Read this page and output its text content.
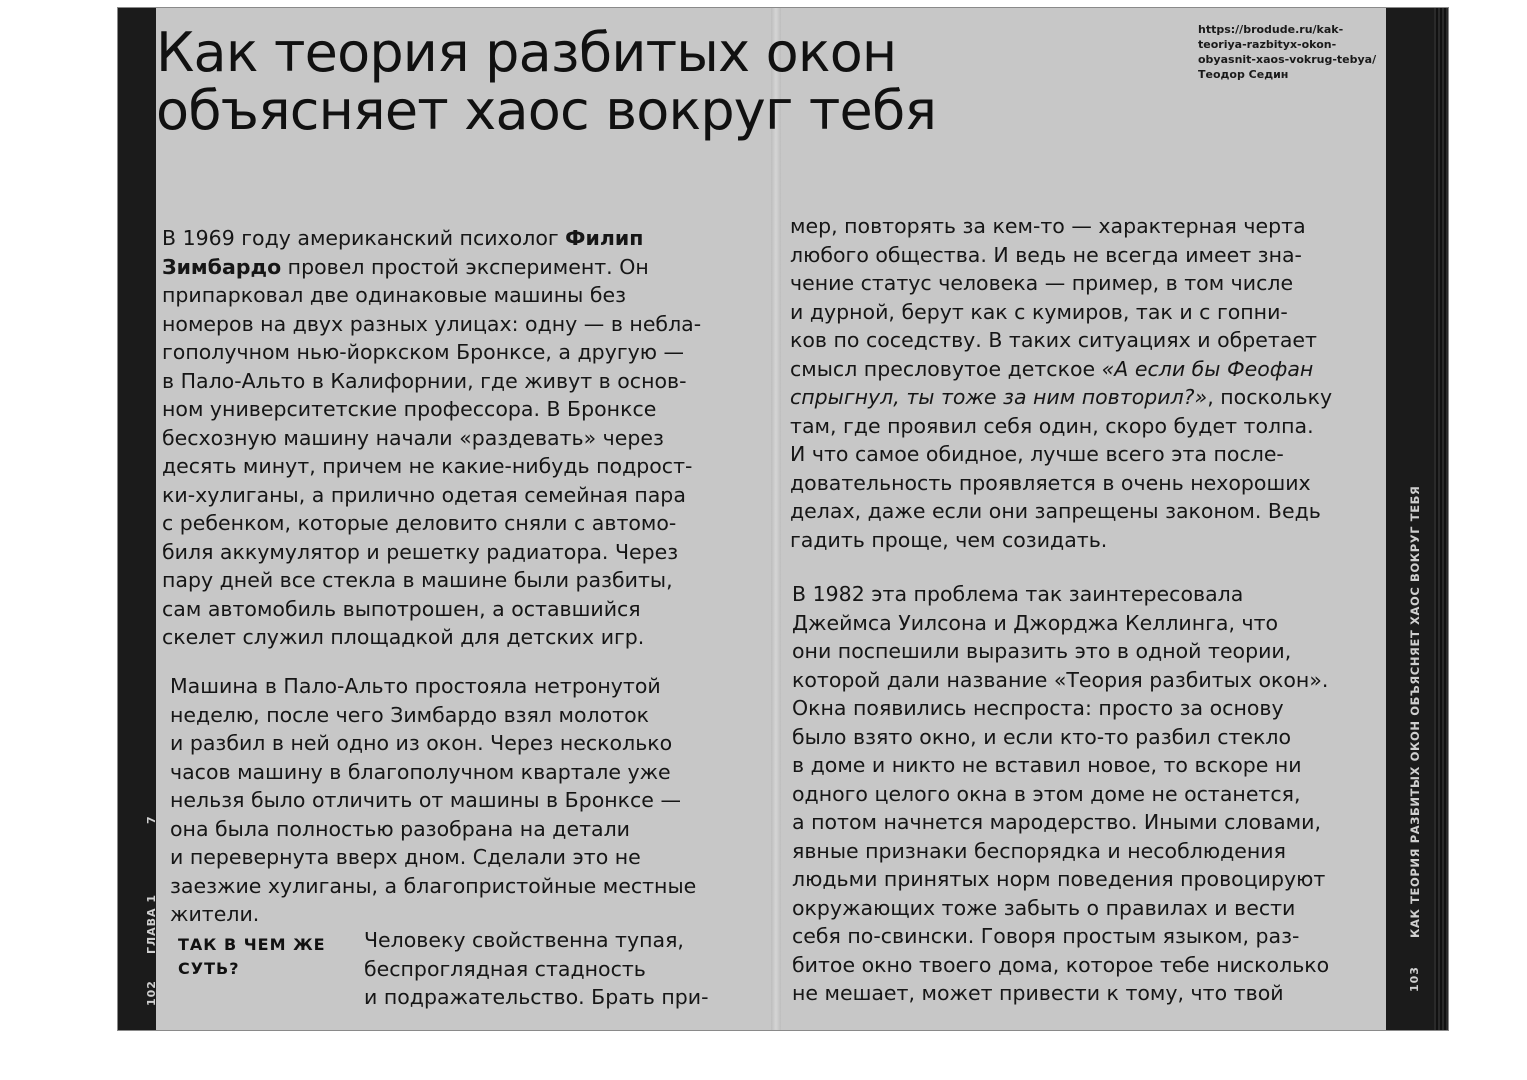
Как теория разбитых окон
объясняет хаос вокруг тебя
https://brodude.ru/kak-
teoriya-razbityx-okon-
obyasnit-xaos-vokrug-tebya/
Теодор Седин
В 1969 году американский психолог Филип
Зимбардо провел простой эксперимент. Он
припарковал две одинаковые машины без
номеров на двух разных улицах: одну — в небла-
гополучном нью-йоркском Бронксе, а другую —
в Пало-Альто в Калифорнии, где живут в основ-
ном университетские профессора. В Бронксе
бесхозную машину начали «раздевать» через
десять минут, причем не какие-нибудь подрост-
ки-хулиганы, а прилично одетая семейная пара
с ребенком, которые деловито сняли с автомо-
биля аккумулятор и решетку радиатора. Через
пару дней все стекла в машине были разбиты,
сам автомобиль выпотрошен, а оставшийся
скелет служил площадкой для детских игр.
Машина в Пало-Альто простояла нетронутой
неделю, после чего Зимбардо взял молоток
и разбил в ней одно из окон. Через несколько
часов машину в благополучном квартале уже
нельзя было отличить от машины в Бронксе —
она была полностью разобрана на детали
и перевернута вверх дном. Сделали это не
заезжие хулиганы, а благопристойные местные
жители.
ТАК В ЧЕМ ЖЕ
СУТЬ?
Человеку свойственна тупая,
беспроглядная стадность
и подражательство. Брать при-
мер, повторять за кем-то — характерная черта
любого общества. И ведь не всегда имеет зна-
чение статус человека — пример, в том числе
и дурной, берут как с кумиров, так и с гопни-
ков по соседству. В таких ситуациях и обретает
смысл пресловутое детское «А если бы Феофан
спрыгнул, ты тоже за ним повторил?», поскольку
там, где проявил себя один, скоро будет толпа.
И что самое обидное, лучше всего эта после-
довательность проявляется в очень нехороших
делах, даже если они запрещены законом. Ведь
гадить проще, чем созидать.
В 1982 эта проблема так заинтересовала
Джеймса Уилсона и Джорджа Келлинга, что
они поспешили выразить это в одной теории,
которой дали название «Теория разбитых окон».
Окна появились неспроста: просто за основу
было взято окно, и если кто-то разбил стекло
в доме и никто не вставил новое, то вскоре ни
одного целого окна в этом доме не останется,
а потом начнется мародерство. Иными словами,
явные признаки беспорядка и несоблюдения
людьми принятых норм поведения провоцируют
окружающих тоже забыть о правилах и вести
себя по-свински. Говоря простым языком, раз-
битое окно твоего дома, которое тебе нисколько
не мешает, может привести к тому, что твой
102
ГЛАВА 1
7
103
КАК ТЕОРИЯ РАЗБИТЫХ ОКОН ОБЪЯСНЯЕТ ХАОС ВОКРУГ ТЕБЯ
